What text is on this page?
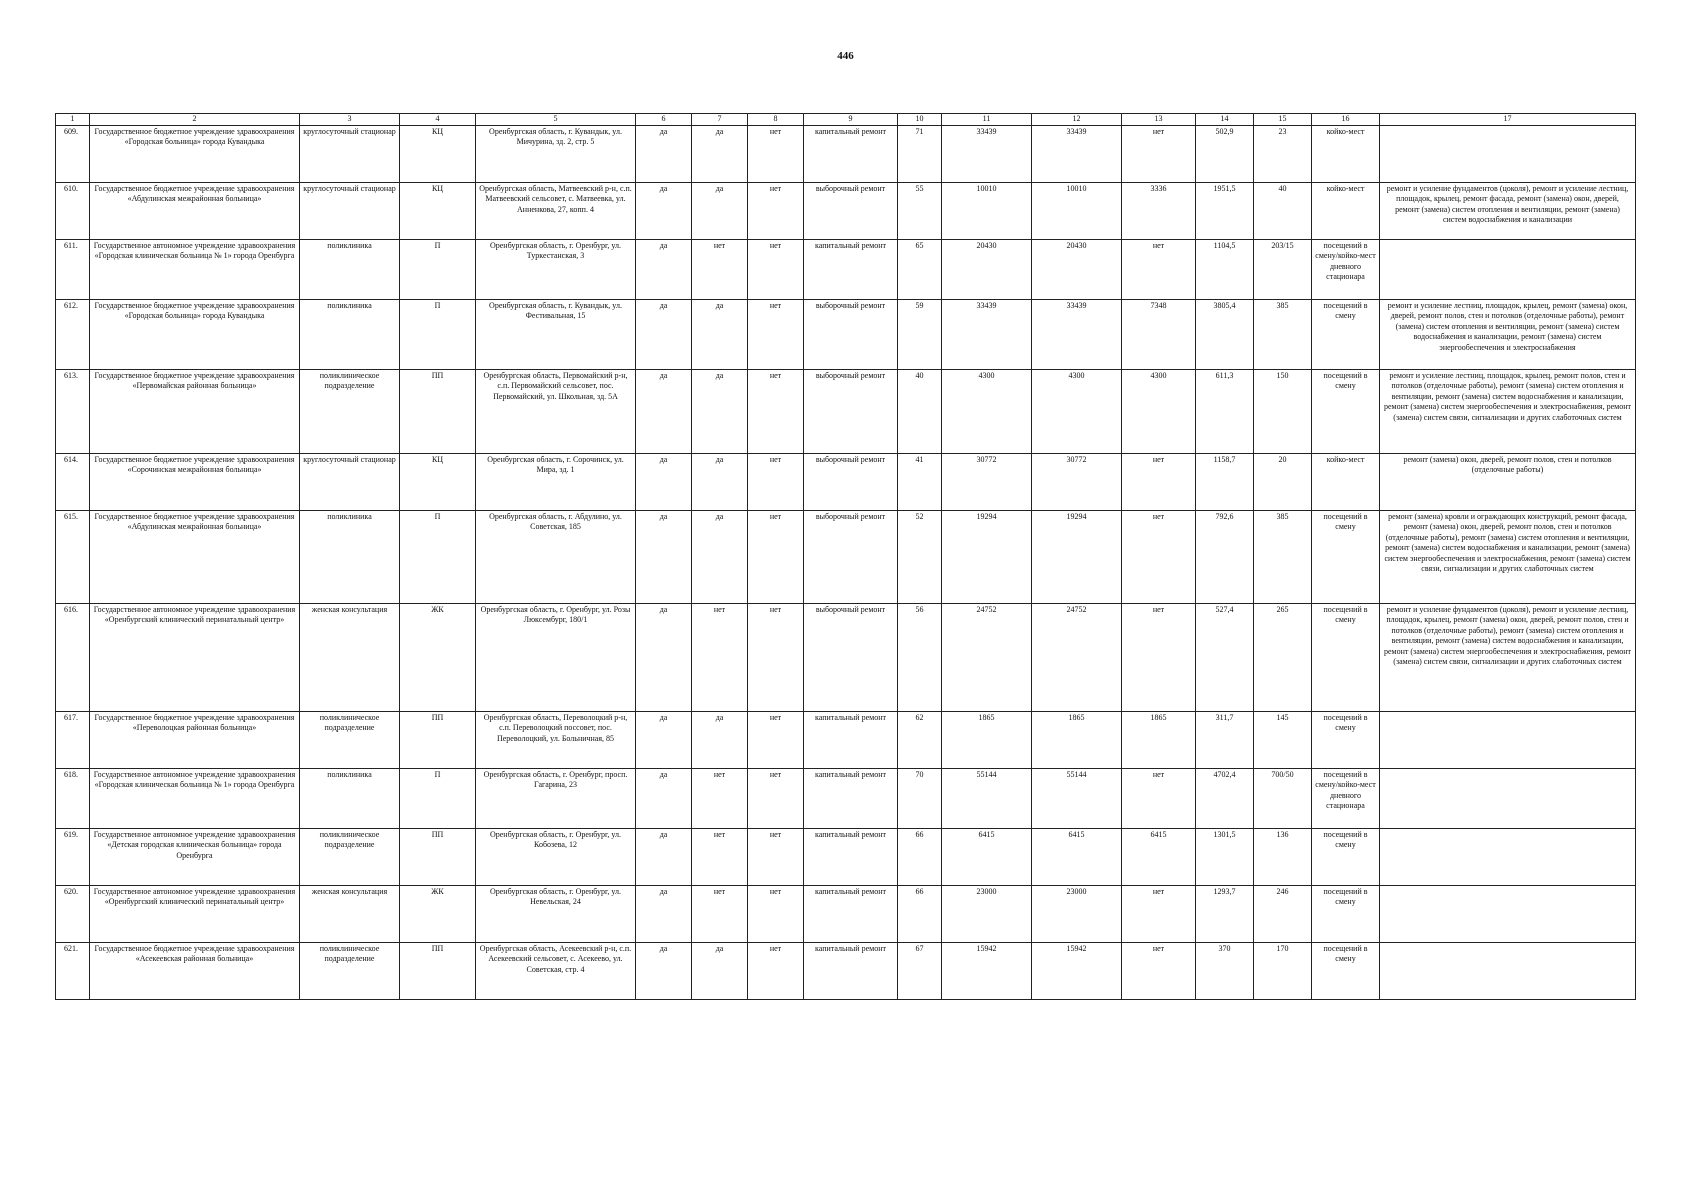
446
1	2	3	4	5	6	7	8	9	10	11	12	13	14	15	16	17
609.	Государственное бюджетное учреждение здравоохранения «Городская больница» города Кувандыка	круглосуточный стационар	КЦ	Оренбургская область, г. Кувандык, ул. Мичурина, зд. 2, стр. 5	да	да	нет	капитальный ремонт	71	33439	33439	нет	502,9	23	койко-мест	
610.	Государственное бюджетное учреждение здравоохранения «Абдулинская межрайонная больница»	круглосуточный стационар	КЦ	Оренбургская область, Матвеевский р-н, с.п. Матвеевский сельсовет, с. Матвеевка, ул. Анненкова, 27, копп. 4	да	да	нет	выборочный ремонт	55	10010	10010	3336	1951,5	40	койко-мест	ремонт и усиление фундаментов (цоколя), ремонт и усиление лестниц, площадок, крылец, ремонт фасада, ремонт (замена) окон, дверей, ремонт (замена) систем отопления и вентиляции, ремонт (замена) систем водоснабжения и канализации
611.	Государственное автономное учреждение здравоохранения «Городская клиническая больница № 1» города Оренбурга	поликлиника	П	Оренбургская область, г. Оренбург, ул. Туркестанская, 3	да	нет	нет	капитальный ремонт	65	20430	20430	нет	1104,5	203/15	посещений в смену/койко-мест дневного стационара	
612.	Государственное бюджетное учреждение здравоохранения «Городская больница» города Кувандыка	поликлиника	П	Оренбургская область, г. Кувандык, ул. Фестивальная, 15	да	да	нет	выборочный ремонт	59	33439	33439	7348	3805,4	385	посещений в смену	ремонт и усиление лестниц, площадок, крылец, ремонт (замена) окон, дверей, ремонт полов, стен и потолков (отделочные работы), ремонт (замена) систем отопления и вентиляции, ремонт (замена) систем водоснабжения и канализации, ремонт (замена) систем энергообеспечения и электроснабжения
613.	Государственное бюджетное учреждение здравоохранения «Первомайская районная больница»	поликлиническое подразделение	ПП	Оренбургская область, Первомайский р-н, с.п. Первомайский сельсовет, пос. Первомайский, ул. Школьная, зд. 5А	да	да	нет	выборочный ремонт	40	4300	4300	4300	611,3	150	посещений в смену	ремонт и усиление лестниц, площадок, крылец, ремонт полов, стен и потолков (отделочные работы), ремонт (замена) систем отопления и вентиляции, ремонт (замена) систем водоснабжения и канализации, ремонт (замена) систем энергообеспечения и электроснабжения, ремонт (замена) систем связи, сигнализации и других слаботочных систем
614.	Государственное бюджетное учреждение здравоохранения «Сорочинская межрайонная больница»	круглосуточный стационар	КЦ	Оренбургская область, г. Сорочинск, ул. Мира, зд. 1	да	да	нет	выборочный ремонт	41	30772	30772	нет	1158,7	20	койко-мест	ремонт (замена) окон, дверей, ремонт полов, стен и потолков (отделочные работы)
615.	Государственное бюджетное учреждение здравоохранения «Абдулинская межрайонная больница»	поликлиника	П	Оренбургская область, г. Абдулино, ул. Советская, 185	да	да	нет	выборочный ремонт	52	19294	19294	нет	792,6	385	посещений в смену	ремонт (замена) кровли и ограждающих конструкций, ремонт фасада, ремонт (замена) окон, дверей, ремонт полов, стен и потолков (отделочные работы), ремонт (замена) систем отопления и вентиляции, ремонт (замена) систем водоснабжения и канализации, ремонт (замена) систем энергообеспечения и электроснабжения, ремонт (замена) систем связи, сигнализации и других слаботочных систем
616.	Государственное автономное учреждение здравоохранения «Оренбургский клинический перинатальный центр»	женская консультация	ЖК	Оренбургская область, г. Оренбург, ул. Розы Люксембург, 180/1	да	нет	нет	выборочный ремонт	56	24752	24752	нет	527,4	265	посещений в смену	ремонт и усиление фундаментов (цоколя), ремонт и усиление лестниц, площадок, крылец, ремонт (замена) окон, дверей, ремонт полов, стен и потолков (отделочные работы), ремонт (замена) систем отопления и вентиляции, ремонт (замена) систем водоснабжения и канализации, ремонт (замена) систем энергообеспечения и электроснабжения, ремонт (замена) систем связи, сигнализации и других слаботочных систем
617.	Государственное бюджетное учреждение здравоохранения «Переволоцкая районная больница»	поликлиническое подразделение	ПП	Оренбургская область, Переволоцкий р-н, с.п. Переволоцкий поссовет, пос. Переволоцкий, ул. Больничная, 85	да	да	нет	капитальный ремонт	62	1865	1865	1865	311,7	145	посещений в смену	
618.	Государственное автономное учреждение здравоохранения «Городская клиническая больница № 1» города Оренбурга	поликлиника	П	Оренбургская область, г. Оренбург, просп. Гагарина, 23	да	нет	нет	капитальный ремонт	70	55144	55144	нет	4702,4	700/50	посещений в смену/койко-мест дневного стационара	
619.	Государственное автономное учреждение здравоохранения «Детская городская клиническая больница» города Оренбурга	поликлиническое подразделение	ПП	Оренбургская область, г. Оренбург, ул. Кобозева, 12	да	нет	нет	капитальный ремонт	66	6415	6415	6415	1301,5	136	посещений в смену	
620.	Государственное автономное учреждение здравоохранения «Оренбургский клинический перинатальный центр»	женская консультация	ЖК	Оренбургская область, г. Оренбург, ул. Невельская, 24	да	нет	нет	капитальный ремонт	66	23000	23000	нет	1293,7	246	посещений в смену	
621.	Государственное бюджетное учреждение здравоохранения «Асекеевская районная больница»	поликлиническое подразделение	ПП	Оренбургская область, Асекеевский р-н, с.п. Асекеевский сельсовет, с. Асекеево, ул. Советская, стр. 4	да	да	нет	капитальный ремонт	67	15942	15942	нет	370	170	посещений в смену	
